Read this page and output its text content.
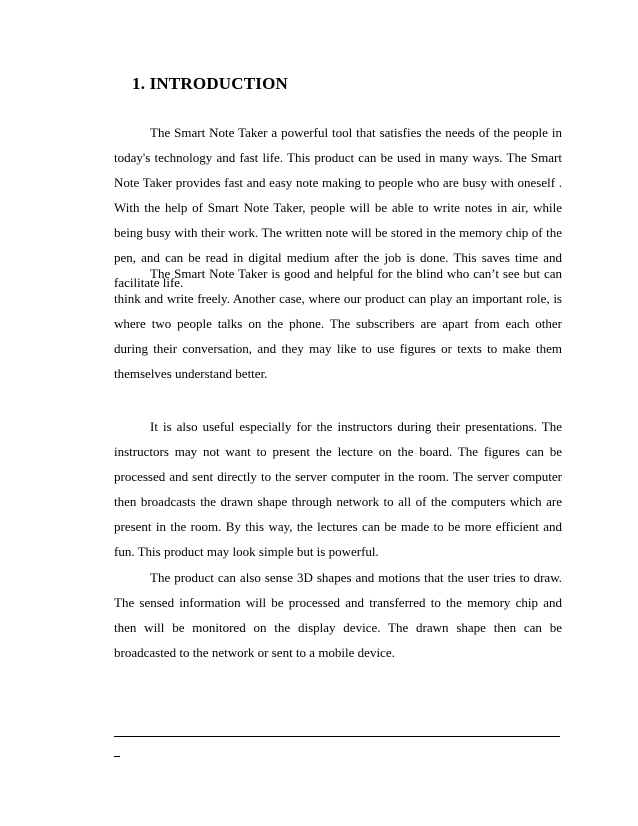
1. INTRODUCTION

The Smart Note Taker a powerful tool that satisfies the needs of the people in today's technology and fast life. This product can be used in many ways. The Smart Note Taker provides fast and easy note making to people who are busy with oneself . With the help of Smart Note Taker, people will be able to write notes in air, while being busy with their work. The written note will be stored in the memory chip of the pen, and can be read in digital medium after the job is done. This saves time and facilitate life.

The Smart Note Taker is good and helpful for the blind who can’t see but can think and write freely. Another case, where our product can play an important role, is where two people talks on the phone. The subscribers are apart from each other during their conversation, and they may like to use figures or texts to make them themselves understand better.

It is also useful especially for the instructors during their presentations. The instructors may not want to present the lecture on the board. The figures can be processed and sent directly to the server computer in the room. The server computer then broadcasts the drawn shape through network to all of the computers which are present in the room. By this way, the lectures can be made to be more efficient and fun. This product may look simple but is powerful.

The product can also sense 3D shapes and motions that the user tries to draw. The sensed information will be processed and transferred to the memory chip and then will be monitored on the display device. The drawn shape then can be broadcasted to the network or sent to a mobile device.
